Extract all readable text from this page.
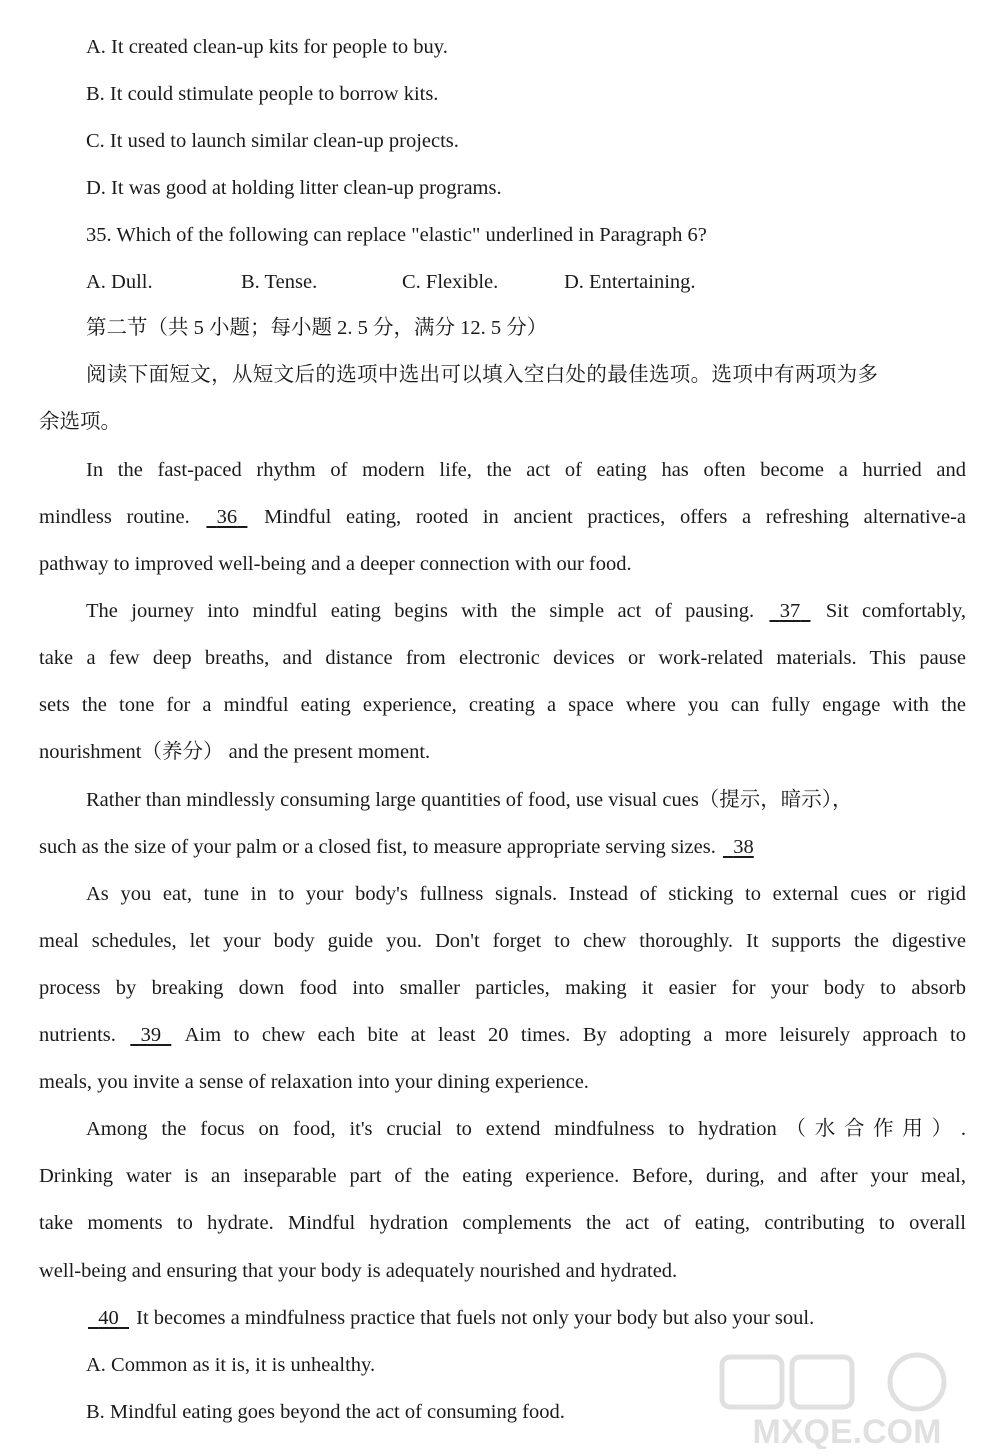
A. It created clean-up kits for people to buy.
B. It could stimulate people to borrow kits.
C. It used to launch similar clean-up projects.
D. It was good at holding litter clean-up programs.
35. Which of the following can replace "elastic" underlined in Paragraph 6?
A. Dull.	B. Tense.	C. Flexible.	D. Entertaining.
第二节（共 5 小题；每小题 2. 5 分，满分 12. 5 分）
阅读下面短文，从短文后的选项中选出可以填入空白处的最佳选项。选项中有两项为多
余选项。
In the fast-paced rhythm of modern life, the act of eating has often become a hurried and
mindless routine. 36 Mindful eating, rooted in ancient practices, offers a refreshing alternative-a
pathway to improved well-being and a deeper connection with our food.
The journey into mindful eating begins with the simple act of pausing. 37 Sit comfortably,
take a few deep breaths, and distance from electronic devices or work-related materials. This pause
sets the tone for a mindful eating experience, creating a space where you can fully engage with the
nourishment（养分） and the present moment.
Rather than mindlessly consuming large quantities of food, use visual cues（提示，暗示），
such as the size of your palm or a closed fist, to measure appropriate serving sizes. 38
As you eat, tune in to your body's fullness signals. Instead of sticking to external cues or rigid
meal schedules, let your body guide you. Don't forget to chew thoroughly. It supports the digestive
process by breaking down food into smaller particles, making it easier for your body to absorb
nutrients. 39 Aim to chew each bite at least 20 times. By adopting a more leisurely approach to
meals, you invite a sense of relaxation into your dining experience.
Among the focus on food, it's crucial to extend mindfulness to hydration（水合作用）.
Drinking water is an inseparable part of the eating experience. Before, during, and after your meal,
take moments to hydrate. Mindful hydration complements the act of eating, contributing to overall
well-being and ensuring that your body is adequately nourished and hydrated.
40 It becomes a mindfulness practice that fuels not only your body but also your soul.
A. Common as it is, it is unhealthy.
B. Mindful eating goes beyond the act of consuming food.
MXQE.COM
